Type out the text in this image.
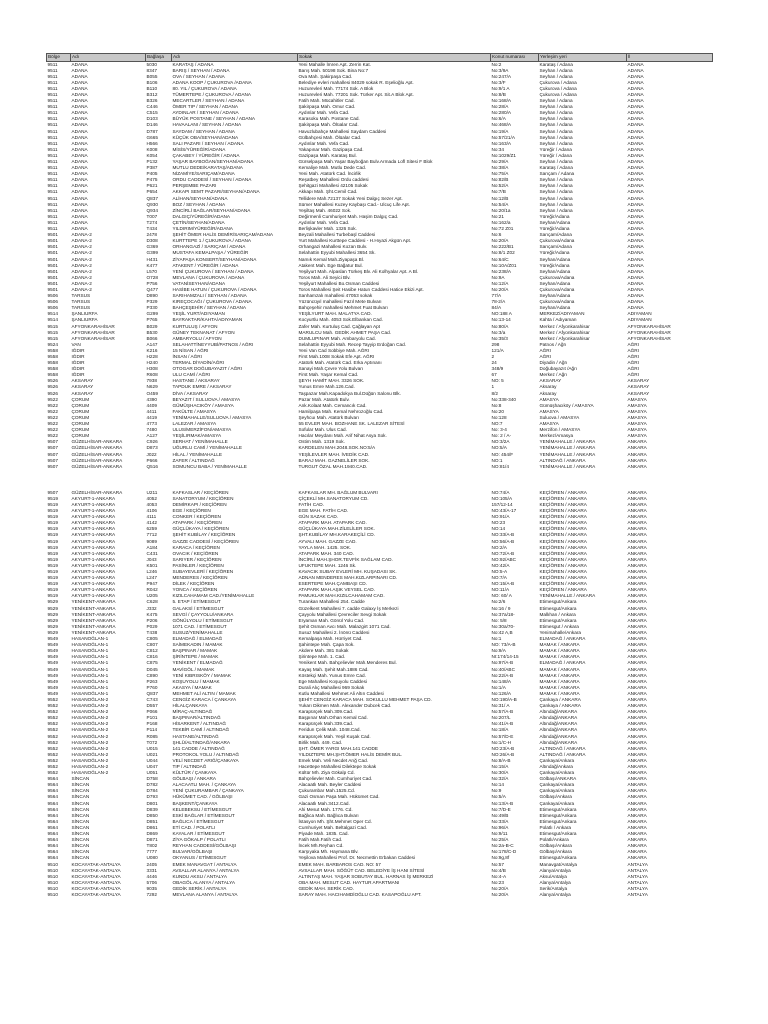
Bölge	Adı	Bağlaşa	Adı	Sokak	Konut numarası	Yerleşim yeri	İl
9511	ADANA	5030	KARATAŞ / ADANA	Yeni Mahalle İmren Apt. Zerrin Kat.	No:2	Karataş / Adana	ADANA
9511	ADANA	8347	BARIŞ / SEYHAN / ADANA	Barış Mah. 50198 Sok. Bina No:7	No:3/9A	Seyhan / Adana	ADANA
9511	ADANA	B055	OVA / SEYHAN / ADANA	Ova Mah. Şakirpaşa Cad.	No:247/A	Seyhan / Adana	ADANA
9511	ADANA	B106	ADANA KOOP / ÇUKUROVA /ADANA	Belediye evleri mahallesi 84029 sokak R. Eşelioğlu Apt.	No:3/F	Çukurova / Adana	ADANA
9511	ADANA	B110	80. YIL / ÇUKUROVA / ADANA	Huzurevleri Mah. 77174 Sok. A Blok	No:9/1 A	Çukurova / Adana	ADANA
9511	ADANA	B312	TÜMERTEPE / ÇUKUROVA / ADANA	Huzurevleri Mah. 77201 Sok. Türker Apt. Sit.A Blok Apt.	No:8/B	Çukurova / Adana	ADANA
9511	ADANA	B326	MECARTLER / SEYHAN / ADANA	Fatih Mah. Mücahitler Cad.	No:168/A	Seyhan / Adana	ADANA
9511	ADANA	C446	ÖMER TIP / SEYHAN / ADANA	Şakirpaşa Mah. Omur Cad.	No:28/A	Seyhan / Adana	ADANA
9511	ADANA	C515	AYDINLAR / SEYHAN / ADANA	Aydınlar Mah. Vefa Cad.	No:280/A	Seyhan / Adana	ADANA
9511	ADANA	D103	BÜYÜK POSTANE / SEYHAN / ADANA	Karasoku Mah. Postane Cad.	No:6/A	Seyhan / Adana	ADANA
9511	ADANA	D146	HAVAALANI / SEYHAN / ADANA	Şakirpaşa Mah. Ölüalar Cad.	No:468/A	Seyhan / Adana	ADANA
9511	ADANA	D787	SAYDAM / SEYHAN / ADANA	Havuzlubahçe Mahallesi Saydam Caddesi	No:19/A	Seyhan / Adana	ADANA
9511	ADANA	G665	KÜÇÜK OBA/SEYHAN/ADANA	Gülbahçesi Mah. Ölüalar Cad.	No:57/21/A	Seyhan / Adana	ADANA
9511	ADANA	H566	SALI PAZARI / SEYHAN / ADANA	Aydınlar Mah. Vefa Cad.	No:163/A	Seyhan / Adana	ADANA
9511	ADANA	K008	MİSİS/YÜREĞİR/ADANA	Yakapınar Mah. Gazipaşa Cad.	No:34	Yüreğir / Adana	ADANA
9511	ADANA	K054	ÇAKABEY / YÜREĞİR / ADANA	Gazipaşa Mah. Karataş Bul.	No:1029/Z1	Yüreğir / Adana	ADANA
9511	ADANA	P132	YAŞAR BAYBOĞAN/SEYHAN/ADANA	Gürselpaşa Mah.Yaşar Bayboğan Bulv.Armada Lofl Sitesi F Blok	No:29/A	Seyhan / Adana	ADANA
9511	ADANA	P387	MUTLU DEDE/KARATAŞ/ADANA	Kemaliye Mah. Mutlu Dede Cad.	No:38/A	Karataş / Adana	ADANA
9511	ADANA	P405	NİZAMİYE/SARIÇAM/ADANA	Yeni Mah. Atatürk Cad. İncirlik	No:75/A	Sarıçam / Adana	ADANA
9511	ADANA	P475	ORDU CADDESİ / SEYHAN / ADANA	Reşatbey Mahallesi Ordu caddesi	No:82/B	Seyhan / Adana	ADANA
9511	ADANA	P621	PERŞEMBE PAZARI	Şehitgazi Mahallesi 42105 Sokak	No:52/A	Seyhan / Adana	ADANA
9511	ADANA	P654	AKKAPI SEMT PAZARI/SEYHAN/ADANA	Akkapı Mah. Şht.Cemil Cad.	No:7/B	Seyhan / Adana	ADANA
9511	ADANA	Q837	ALİHAN/SEYHAN/ADANA	Tellidere Mah.72137 Sokak Yeni Dalgıç Sezer Apt.	No:12/B	Seyhan / Adana	ADANA
9511	ADANA	Q930	BOZ / SEYHAN / ADANA	Sümer Mahallesi Kuzey Kaybaşı Cad.- Ulcuç Life Apt.	No:54/A	Seyhan / Adana	ADANA
9511	ADANA	Q934	ZİNCİRLİ BAĞLAR/SEYHAN/ADANA	Yeşiltaş Mah. 46022 Sok.	No:20/1a	Seyhan / Adana	ADANA
9511	ADANA	T007	DALGIÇ/YÜREĞİR/ADANA	Değirmenli Cumhuriyet Mah. Haşim Dalgıç Cad.	No:21	Yüreğir/Adana	ADANA
9511	ADANA	T274	ÇETİN/SEYHAN/ADANA	Aydınlar Mah. Vefa Cad.	No:162/a	Seyhan/Adana	ADANA
9511	ADANA	T434	YILDIRIM/YÜREĞİR/ADANA	Berlişkavler Mah. 1326 Sok.	No:72 Z01	Yüreğir/Adana	ADANA
9501	ADANA-2	2478	ŞEHİT ÖMER HALİS DEMİR/SARIÇAM/ADANA	Beyzali Mahallesi Turbebaşl Caddesi	No:6	Sarıçam/Adana	ADANA
9501	ADANA-2	D308	KURTTEPE 1 / ÇUKUROVA / ADANA	Yurt Mahallesi Kurttepe Caddesi - H.Hıyazi Akgün Apt.	No:20/A	Çukurova/Adana	ADANA
9501	ADANA-2	G369	ORHANGAZİ / SARIÇAM / ADANA	Orhangazi Mahallesi Kozan Bulv.	No:222/B1	Sarıçam/Adana	ADANA
9501	ADANA-2	G399	MUSTAFA KEMALPAŞA / YÜREĞİR	Selahattin Eyyubi Mahallesi 3654 Sk.	No:8/1 Z02	Yüreğir/Adana	ADANA
9501	ADANA-2	H431	ZİYAPAŞA KONSERT/SEYHAN/ADANA	Namık Kemal Mah.Ziyapaşa Bl.	No:64/C	Seyhan/Adana	ADANA
9501	ADANA-2	K477	ATAKENT / YÜREĞİR / ADANA	Atakent Mah. Ege Bağatur Bul.	No:10A/Z01	Yüreğir/Adana	ADANA
9501	ADANA-2	L570	YENİ ÇUKUROVA / SEYHAN / ADANA	Yeşilyurt Mah. Alpaslan Türkeş Blv. Ali Kolhyalar Apt. A Bl.	No:238/A	Seyhan/Adana	ADANA
9501	ADANA-2	O728	MEVLANA / ÇUKUROVA / ADANA	Toros Mah. Ali Seyici Blv.	No:9A	Çukurova/Adana	ADANA
9501	ADANA-2	P756	VATANİSEYHAN/ADANA	Yeşilyurt Mahallesi Bo.Osman Caddesi	No:12/A	Seyhan/Adana	ADANA
9501	ADANA-2	Q477	HASİBE HATUN / ÇUKUROVA / ADANA	Toros Mahallesi Şeit Hasibe Hatun Caddesi Hatice Ekizi Apt.	No:20/A	Çukurova/Adana	ADANA
9506	TARSUS	D890	SARIHAMZALI / SEYHAN / ADANA	Sanhamzalı mahallesi 47053 sokak	77/A	Seyhan/Adana	ADANA
9506	TARSUS	P329	KIREÇOCAĞI / ÇUKUROVA / ADANA	Yüzüncüyıl mahallesi Fazıl Mete Bulvarı	78-2/A	Çukurova/Adana	ADANA
9506	TARSUS	P330	BAHÇEŞEHİR / SEYHAN / ADANA	Bahçeşehir mahallesi Mehmet Fuat Bulvarı	84/A	Seyhan/Adana	ADANA
9514	ŞANLIURFA	G299	YEŞİL YURT/ADIYAMAN	YEŞİLYURT MAH. MALATYA CAD.	NO:188 A	MERKEZ/ADIYAMAN	ADIYAMAN
9514	ŞANLIURFA	P765	BAYRAKTAR/KAHTA/ADIYAMAN	Kocyurtlu Mah. 4053 Sok.Elbankan Cad.	No:13-14	Kahta / Adıyaman	ADIYAMAN
9515	AFYONKARAHİSAR	B029	KURTULUŞ / AFYON	Zafer Mah. Kurtuluş Cad. Çağlayan Apt	No:80/A	Merkez / Afyonkarahisar	AFYONKARAHİSAR
9515	AFYONKARAHİSAR	B530	GÜNEY TEKNANAT / AFYON	MARULCU Mah. GEDİK AHMET PAŞA Cad.	No:3/a	Merkez / Afyonkarahisar	AFYONKARAHİSAR
9515	AFYONKARAHİSAR	B066	AMBARYOLU / AFYON	DUMLUPINAR Mah. Ambaryolu Cad.	No:35/3	Merkez / Afyonkarahisar	AFYONKARAHİSAR
9524	VAN	A147	SELAHATTİNEYYUBİ/PATNOS / AĞRI	Selahattin Eyyubi Mah. Recep Tayyip Erdoğan Cad.	298	Patnos / Ağrı	AĞRI
9558	IĞDIR	K216	15 NİSAN / AĞRI	Yeni Van Cad Sobbiye Mah. AĞRI	121/A	AĞRI	AĞRI
9558	IĞDIR	H228	İNSAN / AĞRI	First Mah.1008 Sokak Efe Apt. AĞRI	2	AĞRI	AĞRI
9558	IĞDIR	H240	TERMAL DİYADİN/AĞRI	Atatürk Mah. Atatürk Cad. Erka Aptınanı	24	Diyadin / Ağrı	AĞRI
9558	IĞDIR	H308	OTOGAR DOĞUBAYAZIT / AĞRI	Sanayi Mah.Çevre Yolu Bulvarı	348/9	Doğubayazıt /Ağrı	AĞRI
9558	IĞDIR	R608	ULU CAMİ / AĞRI	First Mah. Yaşar Kemal Cad.	67	Merkez / Ağrı	AĞRI
9526	AKSARAY	7938	HASTANE / AKSARAY	ŞEYH HAMİT MAH. 3326 SOK.	NO: 5	AKSARAY	AKSARAY
9526	AKSARAY	N629	TAPDUK EMRE / AKSARAY	Yunus Emre Mah.126.Cad.	1	Aksaray	AKSARAY
9526	AKSARAY	O459	DİVA / AKSARAY	Taşpazar Mah.Kapadokya Bul.Düğün Salonu Blk.	8/2	Aksaray	AKSARAY
9522	ÇORUM	4390	BEYAZIT / SULUOVA / AMASYA	Pazar Mah. Atatürk Bulv.	No:338-340	AMASYA	AMASYA
9522	ÇORUM	4409	GÜMÜŞHACIKÖY / AMASYA	Ank.Kolaat Mah. Cemancık Cad.	No:8	Gümüşhacıköy / AMASYA	AMASYA
9522	ÇORUM	4411	FAKÜLTE / AMASYA	Hamilpaşa Mah. Kemal Nehrozoğlu Cad.	No:20	AMASYA	AMASYA
9522	ÇORUM	4419	YENİMAHALLE/SULUOVA / AMASYA	Şeyhcuı Mah. Atatürk Bulvarı	No:128	Suluova / AMASYA	AMASYA
9522	ÇORUM	4773	LALEZAR / AMASYA	55 EVLER MAH. BOZHANE SK. LALEZAR SİTESİ	NO:7	AMASYA	AMASYA
9522	ÇORUM	7480	ULUS/MERZİFON/AMASYA	Sofular Mah. Ulus Cad.	No: 3-4	Merzifon / AMASYA	AMASYA
9522	ÇORUM	A127	YEŞİLIRMAK/AMASYA	Hacılar Meydanı Mah. Arif Nihat Asya Sok.	No: 2 / A-	Merkez/Amasya	AMASYA
9507	GÜZELHİSAR-ANKARA	C926	SERHAT / YENİMAHALLE	Ostim Mah. 1319 Sok.	NO:3/2A	YENİMAHALLE / ANKARA	ANKARA
9507	GÜZELHİSAR-ANKARA	D873	UĞURLU CAMİ / YENİMAHALLE	KARDELEN MAH.2048.SOK.NO:5/A	NO:5/A	YENİMAHALLE / ANKARA	ANKARA
9507	GÜZELHİSAR-ANKARA	J022	HİLAL / YENİMAHALLE	YEŞİLEVLER MAH. İVEDİK CAD.	NO: 454/F	YENİMAHALLE / ANKARA	ANKARA
9507	GÜZELHİSAR-ANKARA	P666	ZAFER / ALTINDAĞ	BARAJ MAH. GAZNELİLER SOK.	NO:1	ALTINDAĞ / ANKARA	ANKARA
9507	GÜZELHİSAR-ANKARA	Q516	SOMUNCU BABA / YENİMAHALLE	TURGUT ÖZAL MAH.1940.CAD.	NO:81/4	YENİMAHALLE / ANKARA	ANKARA

9507	GÜZELHİSAR-ANKARA	U211	KAFKASLAR / KEÇİÖREN	KAFKASLAR MH. BAĞLUM BULVARI	NO:74/A	KEÇİÖREN / ANKARA	ANKARA
9519	AKYURT-1-ANKARA	4052	SANATORYUM / KEÇİÖREN	ÇİÇEKLİ MH.SANATORYUM CD.	NO:105/A	KEÇİÖREN / ANKARA	ANKARA
9519	AKYURT-1-ANKARA	4053	DEMİRKAPI / KEÇİÖREN	FATİH CAD.	157/12-14	KEÇİÖREN / ANKARA	ANKARA
9519	AKYURT-1-ANKARA	4106	EGE / KEÇİÖREN	EGE MAH. FATİH CAD.	NO:43/A-17	KEÇİÖREN / ANKARA	ANKARA
9519	AKYURT-1-ANKARA	4111	CONKER / KEÇİÖREN	GÜN SAZAK CAD.	NO:91/A	KEÇİÖREN / ANKARA	ANKARA
9519	AKYURT-1-ANKARA	4142	ATAPARK / KEÇİÖREN	ATAPARK MAH. ATAPARK CAD.	NO:23	KEÇİÖREN / ANKARA	ANKARA
9519	AKYURT-1-ANKARA	6259	GÜÇLÜKAYA / KEÇİÖREN	GÜÇLÜKAYA MAH.ZİLELİLER SOK.	NO:14	KEÇİÖREN / ANKARA	ANKARA
9519	AKYURT-1-ANKARA	7712	ŞEHİT KUBİLAY / KEÇİÖREN	ŞHT.KUBİLAY MH.KARAKEÇİLİ CD.	NO:33/A-B	KEÇİÖREN / ANKARA	ANKARA
9519	AKYURT-1-ANKARA	9089	GAZZE CADDESİ / KEÇİÖREN	AYVALI MAH. GAZZE CAD.	NO:56/A-B	KEÇİÖREN / ANKARA	ANKARA
9519	AKYURT-1-ANKARA	A184	KARACA / KEÇİÖREN	YAYLA MAH. 1425. SOK.	NO:2/A	KEÇİÖREN / ANKARA	ANKARA
9519	AKYURT-1-ANKARA	C431	OVACIK / KEÇİÖREN	ATAPARK MAH. 340 CAD.	NO:72/A-B	KEÇİÖREN / ANKARA	ANKARA
9519	AKYURT-1-ANKARA	J043	SARIYER / KEÇİÖREN	İNCİRLİ MAH.ŞHOR.TEVFİK SAĞLAM CAD.	NO:92/ABC	KEÇİÖREN / ANKARA	ANKARA
9519	AKYURT-1-ANKARA	K501	PASİNLER / KEÇİÖREN	UFUKTEPE MAH. 1246 Sk.	NO:42/A	KEÇİÖREN / ANKARA	ANKARA
9519	AKYURT-1-ANKARA	L246	SUBAYEVLERİ / KEÇİÖREN	KAVACIK SUBAY EVLERİ MH. KUŞADASI SK.	NO:5-A	KEÇİÖREN / ANKARA	ANKARA
9519	AKYURT-1-ANKARA	L247	MENDERES / KEÇİÖREN	ADNAN MENDERES MAH.KIZLARPINARI CD.	NO:7/A	KEÇİÖREN / ANKARA	ANKARA
9519	AKYURT-1-ANKARA	P947	DİLEK / KEÇİÖREN	ESERTEPE MAH.ÇAMBAŞI CD.	NO:15/A-B	KEÇİÖREN / ANKARA	ANKARA
9519	AKYURT-1-ANKARA	R042	YONCA / KEÇİÖREN	ATAPARK MAH.AŞIK VEYSEL CAD.	NO:11/A	KEÇİÖREN / ANKARA	ANKARA
9519	AKYURT-1-ANKARA	U205	KIZILCAHAMAM CAD./YENİMAHALLE	PAMUKLAR MAH.KIZILCAHAMAM CAD.	NO: 60/ A	YENİMAHALLE / ANKARA	ANKARA
9529	YENİKENT-ANKARA	C628	5. ETAP / ETİMESGUT	Turankan Mahallesi 254. Cadde	No:2/6	Etimesgut/Ankara	ANKARA
9529	YENİKENT-ANKARA	J332	GALAKSİ / ETİMESGUT	Güzelkent Mahallesi 7. cadde Galaxy İş Merkezi	No:16 / 9	Etimesgut/Ankara	ANKARA
9529	YENİKENT-ANKARA	K475	SEVGİ / ÇAYYOLU/ANKARA	Çayyolu Mahallesi Çevreciler Sevgi Sokak	No:37a/18-	Mallıhan / Ankara	ANKARA
9529	YENİKENT-ANKARA	P206	GÖNÜLYOLU / ETİMESGUT	Eryaman Mah. Gönül Yolu Cad.	No: 5/8	Etimesgut/Ankara	ANKARA
9529	YENİKENT-ANKARA	P029	1071 CAD. / ETİMESGUT	Şehit Osman Avcı Mah. Malazgirt 1071 Cad.	No:30a/70-	Etimesgut / Ankara	ANKARA
9529	YENİKENT-ANKARA	T438	SUSUZ/YENİMAHALLE	Susuz Mahallesi 2. İnönü Caddesi	No:42 A,B	Yenimahalle/Ankara	ANKARA
9549	HASANOĞLAN-1	C805	ELMADAĞ / ELMADAĞ	Kemalpaşa Mah. Hürriyet Cad.	No:1	ELMADAĞ / ANKARA	ANKARA
9549	HASANOĞLAN-1	C807	SAİMEKADIN / MAMAK	Şahintepe Mah. Çapa Sok.	NO: 73/A-B	MAMAK / ANKARA	ANKARA
9549	HASANOĞLAN-1	C812	BAŞPINAR / MAMAK	Akdere Mah. 381 Sokak	No:9/A	MAMAK / ANKARA	ANKARA
9549	HASANOĞLAN-1	C816	ŞİRİNTEPE / MAMAK	Şirintepe Mah. 1. Cad.	NI:174/14-15	MAMAK / ANKARA	ANKARA
9549	HASANOĞLAN-1	C875	YENİKENT / ELMADAĞ	Yenikent Mah. Bahçelievler Mah.Menderes Bul.	No:97/A-B	ELMADAĞ / ANKARA	ANKARA
9549	HASANOĞLAN-1	D045	MAVİGÖL / MAMAK	Kayaş Mah. Şehit Mah.1886 Cad.	No:40/ABC	MAMAK / ANKARA	ANKARA
9549	HASANOĞLAN-1	C890	YENİ KIBRISKÖY / MAMAK	Köstekçi Mah. Yunus Emre Cad.	No:22/A-B	MAMAK / ANKARA	ANKARA
9549	HASANOĞLAN-1	P263	KOŞUYOLU / MAMAK	Ege Mahallesi Koşuyolu Caddesi	No:148/A	MAMAK / ANKARA	ANKARA
9549	HASANOĞLAN-1	P760	AKASYA / MAMAK	Durali Alıç Mahallesi 969 Sokak	No:1/A	MAMAK / ANKARA	ANKARA
9549	HASANOĞLAN-1	Q837	MEHMET ALİ ALTIN / MAMAK	Kutlu Mahallesi Mehmet Ali Altın Caddesi	No:126/A	MAMAK / ANKARA	ANKARA
9552	HASANOĞLAN-2	C743	CENGİZ KARACA / ÇANKAYA	ŞEHİT CENGİZ KARACA MAH. SOKULLU MEHMET PAŞA CD.	NO:190/A-B	Çankaya / ANKARA	ANKARA
9552	HASANOĞLAN-2	D557	HİLALÇANKAYA	Yukarı Dikmen Mah. Alexander Dubcek Cad.	No:31/ A	Çankaya / ANKARA	ANKARA
9552	HASANOĞLAN-2	P066	MİRAÇ-ALTINDAĞ	Karapürçek Mah.309.Cad.	No:57/A-B	Altındağ/ANKARA	ANKARA
9552	HASANOĞLAN-2	P101	BAŞPINAR/ALTINDAĞ	Başpınar Mah.Orhan Kemal Cad.	No:207/L	Altındağ/ANKARA	ANKARA
9552	HASANOĞLAN-2	P168	HİSARKENT / ALTINDAĞ	Karapürçek Mah.339.Cad.	No:41/A-B	Altındağ/ANKARA	ANKARA
9552	HASANOĞLAN-2	P114	TEKBİR CAMİ / ALTINDAĞ	Feridun Çelik Mah. 1048.Cad.	No:18/A	Altındağ/ANKARA	ANKARA
9552	HASANOĞLAN-2	R085	HASTANE/ALTINDAĞ	Karapürçek Mah. Yeşil Kuşak Cad.	No:57/D-E	Altındağ/ANKARA	ANKARA
9552	HASANOĞLAN-2	T072	ŞHLÜ/ALTINDAĞ/ANKARA	Birlik Mah. 449. Cad.	No:1/C-H	Altındağ/ANKARA	ANKARA
9552	HASANOĞLAN-2	U015	141 CADDE / ALTINDAĞ	ŞHT. ÖMER YARGI MAH.141 CADDE	NO:23/A-B	ALTINDAĞ / ANKARA	ANKARA
9552	HASANOĞLAN-2	U021	PROTOKOL YOLU / ALTINDAĞ	YILDIZTEPE MH.ŞHT.ÖMER HALİS DEMİR BUL.	NO:26/A-B	ALTINDAĞ / ANKARA	ANKARA
9552	HASANOĞLAN-2	U044	VELİ NECDET ARIĞ/ÇANKAYA	Emek Mah. Veli Necdet Arığ Cad.	No:8/A-B	Çankaya/Ankara	ANKARA
9552	HASANOĞLAN-2	U047	TIP / ALTINDAĞ	Hacettepe Mahallesi Dilektepe Sokak	No:15/A	Altındağ/Ankara	ANKARA
9552	HASANOĞLAN-2	U051	KÜLTÜR / ÇANKAYA	Kültür Mh. Ziya Gökalp Cd.	No:30/A	Çankaya/Ankara	ANKARA
9564	SİNCAN	D758	GÖLBAŞI / ANKARA	Bahçelievler Mah. Cumhuriyet Cad.	No:32/A	Gölbaşı/ANKARA	ANKARA
9564	SİNCAN	D782	ALACAATLI MAH. / ÇANKAYA	Alacaatlı Mah. Beyler Caddesi	No:14	Çankaya/Ankara	ANKARA
9564	SİNCAN	D784	YENİ ÇUKURAMBAR / ÇANKAYA	Çukurambar Mah.1525.Cd.	No:9	Çankaya/Ankara	ANKARA
9564	SİNCAN	D793	HÜKÜMET CAD. / GÖLBAŞI	Gazi Osman Paşa Mah. Hükümet Cad.	No:5/A	Gölbaşı/Ankara	ANKARA
9564	SİNCAN	D801	BAŞKENT/ÇANKAYA	Alacaatlı Mah.3412.Cad.	No:13/A-B	Çankaya/Ankara	ANKARA
9564	SİNCAN	D839	KELEBEKSU / ETİMESGUT	Ahi Mesut Mah. 1776. Cd.	No:7/D-E	Etimesgut/Ankara	ANKARA
9564	SİNCAN	D850	ESKİ BAĞLAR / ETİMESGUT	Bağlıca Mah. Bağlıca Bulvarı	No:49/B	Etimesgut/Ankara	ANKARA
9564	SİNCAN	D851	BAĞLICA / ETİMESGUT	İstasyon Mh. Şht.Mehmet Oper Cd.	No:33/A	Etimesgut/Ankara	ANKARA
9564	SİNCAN	D861	ETİ CAD. / POLATLI	Cumhuriyet Mah. Beltalgazi Cad.	No:96/A	Polatlı / Ankara	ANKARA
9564	SİNCAN	D869	KAYALAR / ETİMESGUT	Piyade Mah. 1835. Cad.	No:9/11	Etimesgut/Ankara	ANKARA
9564	SİNCAN	D871	ZİYA GÖKALP / POLATLI	Fatih Mah.Fatih Cad.	No:25/A	Polatlı/Ankara	ANKARA
9564	SİNCAN	T802	REYHAN CADDESİ/GÖLBAŞI	İncek Mh.Reyhan Cd.	No:2a-B-C	Gölbaşı/Ankara	ANKARA
9564	SİNCAN	7777	BULVAR/GÖLBAŞI	Karşıyaka Mh. Haymana Blv.	No:178/C-D	Gölbaşı/Ankara	ANKARA
9564	SİNCAN	U080	OKYANUS / ETİMESGUT	Yeşilova Mahallesi Prof. Dr. Necmettin Erbakan Caddesi	No:9g,8f	Etimesgut/Ankara	ANKARA
9510	KOCAYATAK-ANTALYA	2405	EMEK MANAVGAT / ANTALYA	EMEK MAH. BARBAROS CAD. NO: 57	No:57	Manavgat/Antalya	ANTALYA
9510	KOCAYATAK-ANTALYA	3331	AVSALLAR ALANYA / ANTALYA	AVSALLAR MAH. SÖĞÜT CAD. BELEDİYE İŞ HANI SİTESİ	No:4/B	Alanya/Antalya	ANTALYA
9510	KOCAYATAK-ANTALYA	4446	KUNDU AKSU / ANTALYA	ALTINTAŞ MAH. YAŞAR SOBUTAY BUL. HARNAS İŞ MERKEZİ	No:4-A	Aksu/Antalya	ANTALYA
9510	KOCAYATAK-ANTALYA	5706	OBAGÖL ALANYA / ANTALYA	OBA MAH. MESUT CAD. HAYTUR APARTMANI	No:23	Alanya/Antalya	ANTALYA
9510	KOCAYATAK-ANTALYA	9035	GEDİK SERİK / ANTALYA	GEDİK MAH. SERİK CAD.	No:20/A	Serik/Antalya	ANTALYA
9510	KOCAYATAK-ANTALYA	7292	MEVLANA ALANYA / ANTALYA	SARAY MAH. HACIHAMDİOĞLU CAD. KASAPOĞLU APT.	No:20/A	Alanya/Antalya	ANTALYA
